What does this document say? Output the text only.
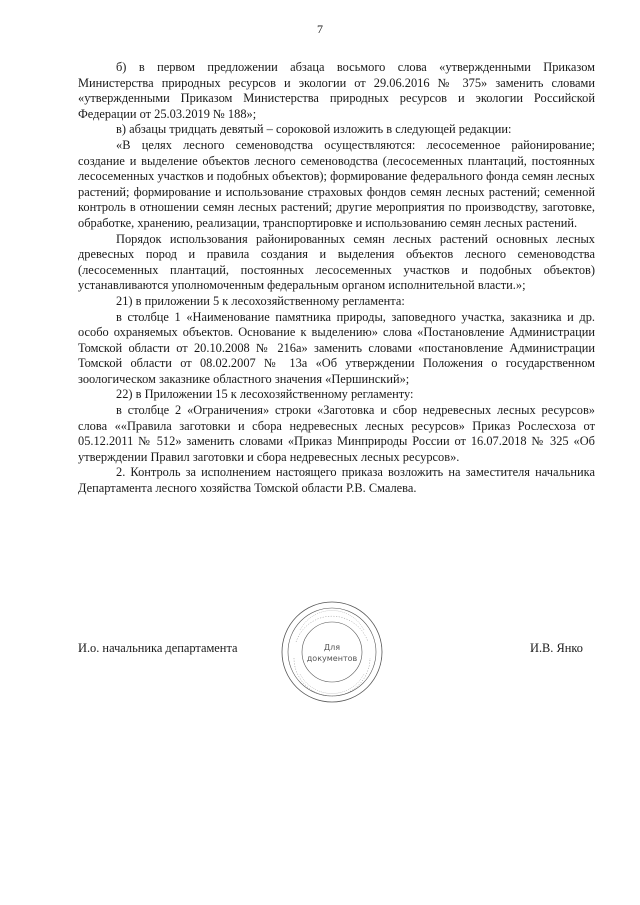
7

б) в первом предложении абзаца восьмого слова «утвержденными Приказом Министерства природных ресурсов и экологии от 29.06.2016 № 375» заменить словами «утвержденными Приказом Министерства природных ресурсов и экологии Российской Федерации от 25.03.2019 № 188»;

в) абзацы тридцать девятый – сороковой изложить в следующей редакции:

«В целях лесного семеноводства осуществляются: лесосеменное районирование; создание и выделение объектов лесного семеноводства (лесосеменных плантаций, постоянных лесосеменных участков и подобных объектов); формирование федерального фонда семян лесных растений; формирование и использование страховых фондов семян лесных растений; семенной контроль в отношении семян лесных растений; другие мероприятия по производству, заготовке, обработке, хранению, реализации, транспортировке и использованию семян лесных растений.

Порядок использования районированных семян лесных растений основных лесных древесных пород и правила создания и выделения объектов лесного семеноводства (лесосеменных плантаций, постоянных лесосеменных участков и подобных объектов) устанавливаются уполномоченным федеральным органом исполнительной власти.»;

21) в приложении 5 к лесохозяйственному регламента:

в столбце 1 «Наименование памятника природы, заповедного участка, заказника и др. особо охраняемых объектов. Основание к выделению» слова «Постановление Администрации Томской области от 20.10.2008 № 216а» заменить словами «постановление Администрации Томской области от 08.02.2007 № 13а «Об утверждении Положения о государственном зоологическом заказнике областного значения «Першинский»;

22) в Приложении 15 к лесохозяйственному регламенту:

в столбце 2 «Ограничения» строки «Заготовка и сбор недревесных лесных ресурсов» слова ««Правила заготовки и сбора недревесных лесных ресурсов» Приказ Рослесхоза от 05.12.2011 № 512» заменить словами «Приказ Минприроды России от 16.07.2018 № 325 «Об утверждении Правил заготовки и сбора недревесных лесных ресурсов».

2. Контроль за исполнением настоящего приказа возложить на заместителя начальника Департамента лесного хозяйства Томской области Р.В. Смалева.

И.о. начальника департамента	Для
документов
И.В. Янко
